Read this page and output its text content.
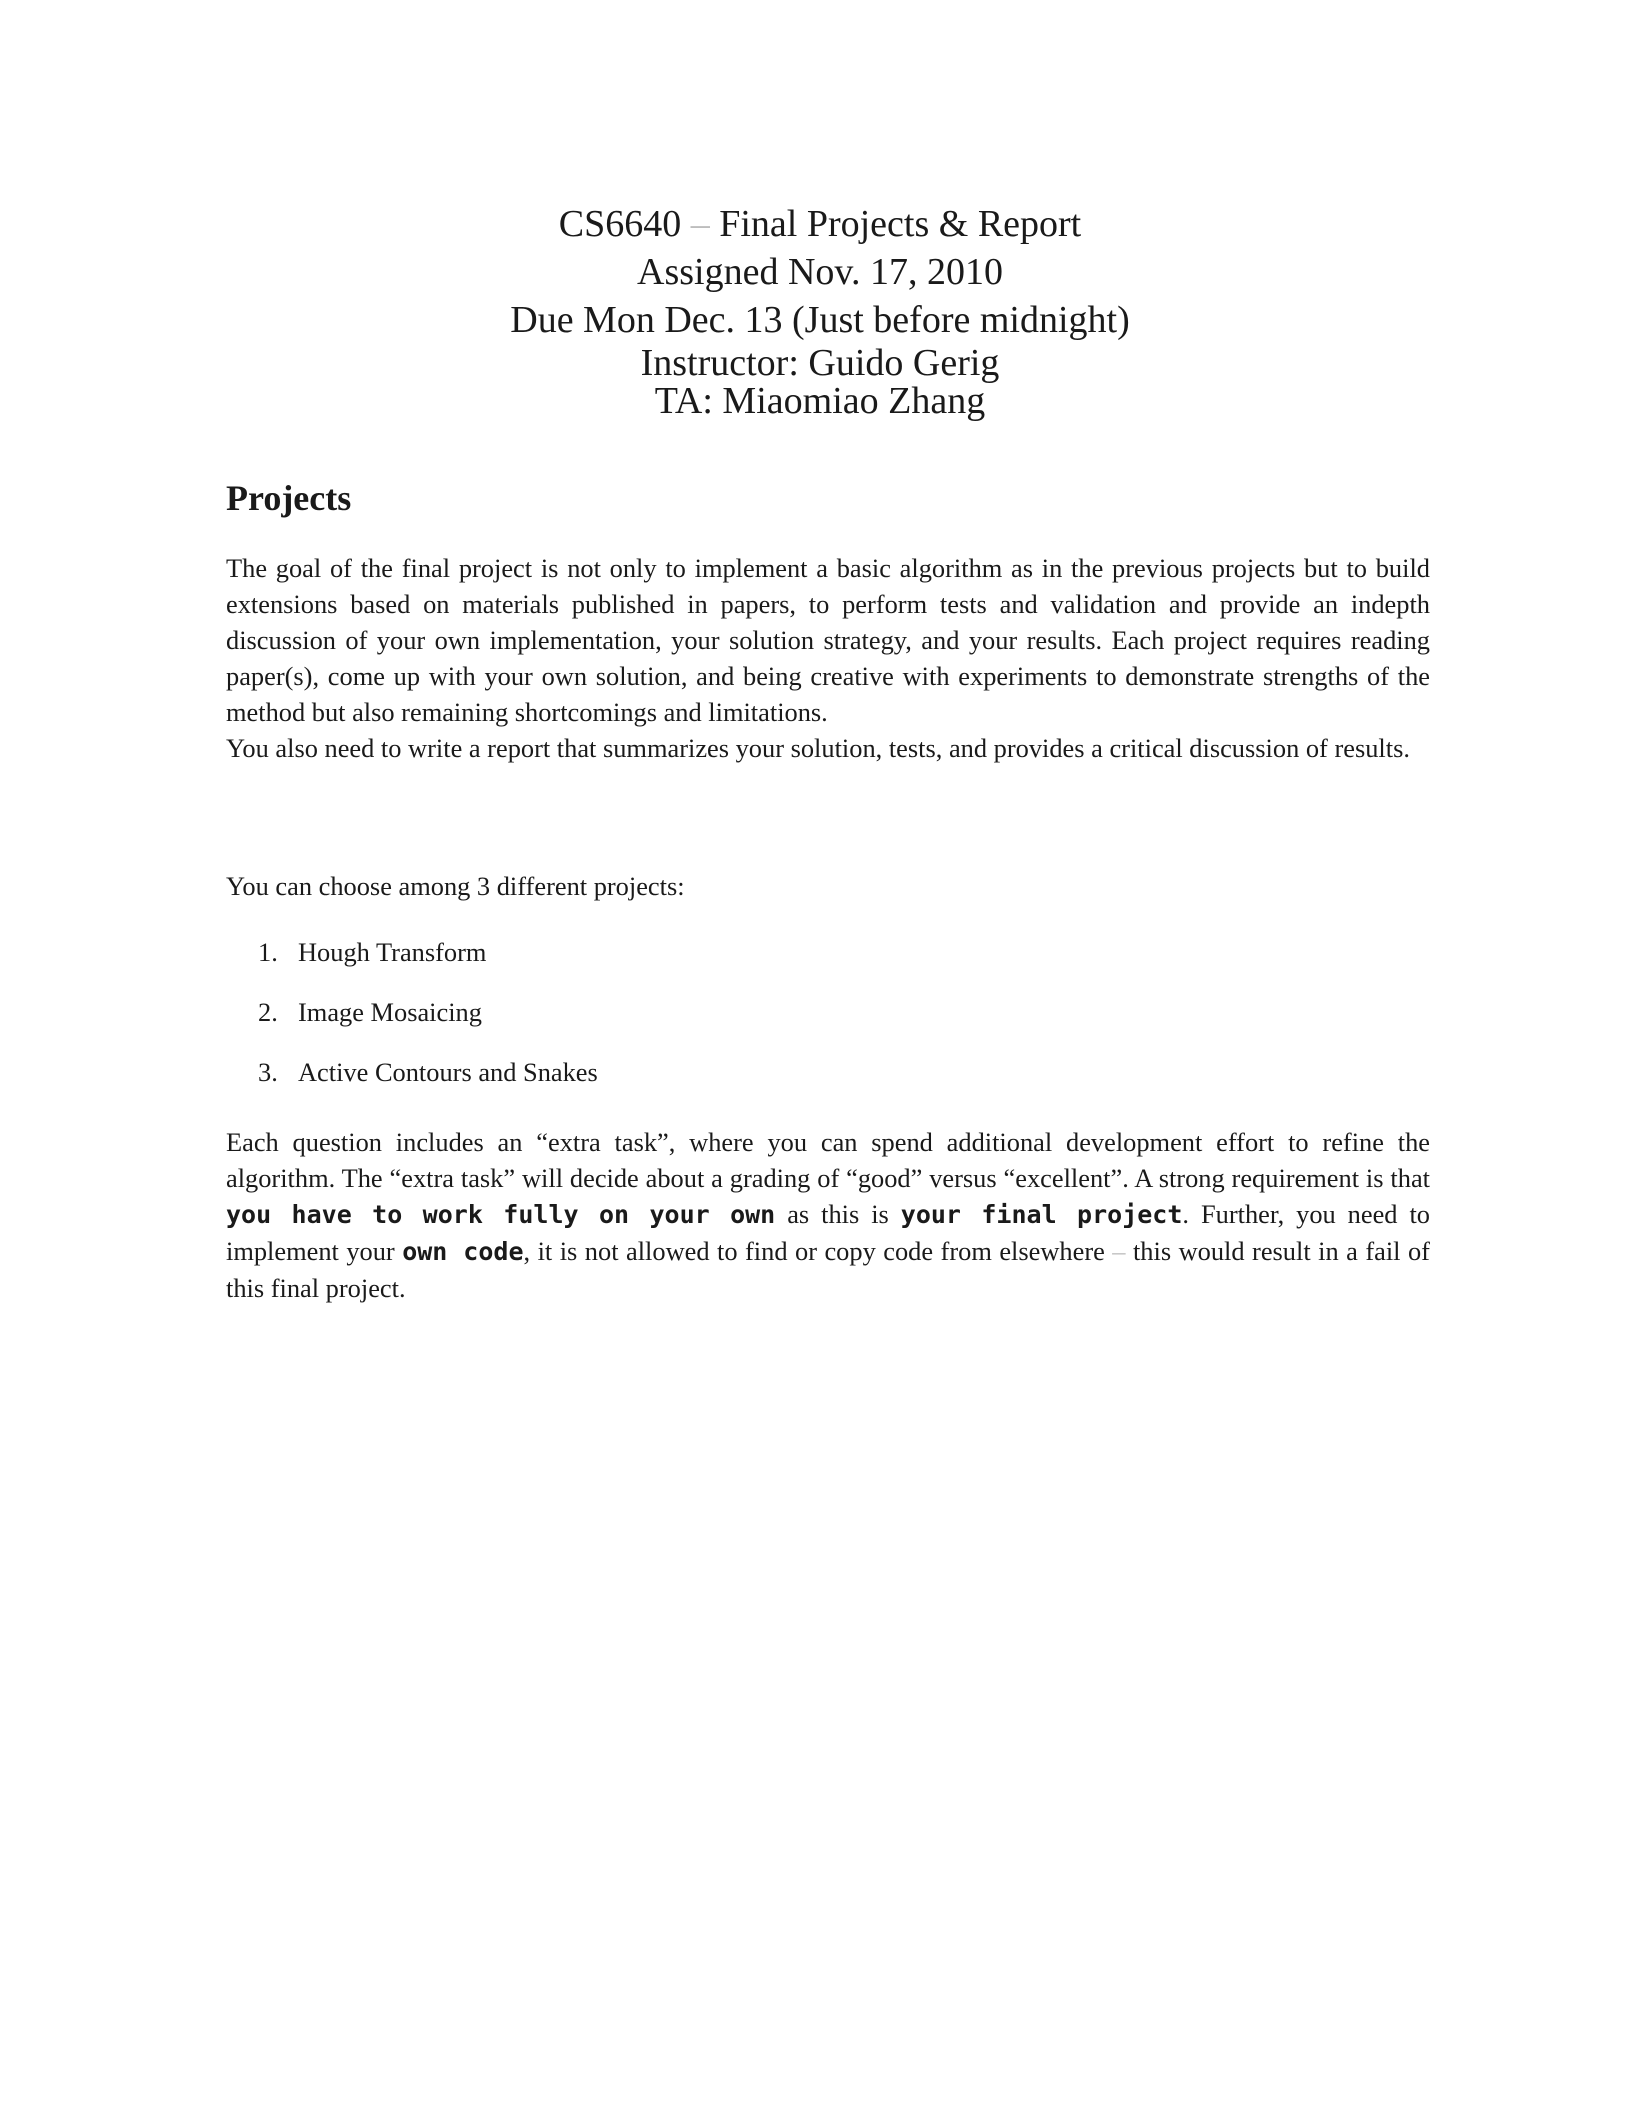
CS6640 – Final Projects & Report
Assigned Nov. 17, 2010
Due Mon Dec. 13 (Just before midnight)
Instructor: Guido Gerig
TA: Miaomiao Zhang
Projects

The goal of the final project is not only to implement a basic algorithm as in the previous projects but to build extensions based on materials published in papers, to perform tests and validation and provide an indepth discussion of your own implementation, your solution strategy, and your results. Each project requires reading paper(s), come up with your own solution, and being creative with experiments to demonstrate strengths of the method but also remaining shortcomings and limitations.

You also need to write a report that summarizes your solution, tests, and provides a critical discussion of results.

You can choose among 3 different projects:

1. Hough Transform
2. Image Mosaicing
3. Active Contours and Snakes

Each question includes an “extra task”, where you can spend additional development effort to refine the algorithm. The “extra task” will decide about a grading of “good” versus “excellent”. A strong requirement is that you have to work fully on your own as this is your final project. Further, you need to implement your own code, it is not allowed to find or copy code from elsewhere – this would result in a fail of this final project.
